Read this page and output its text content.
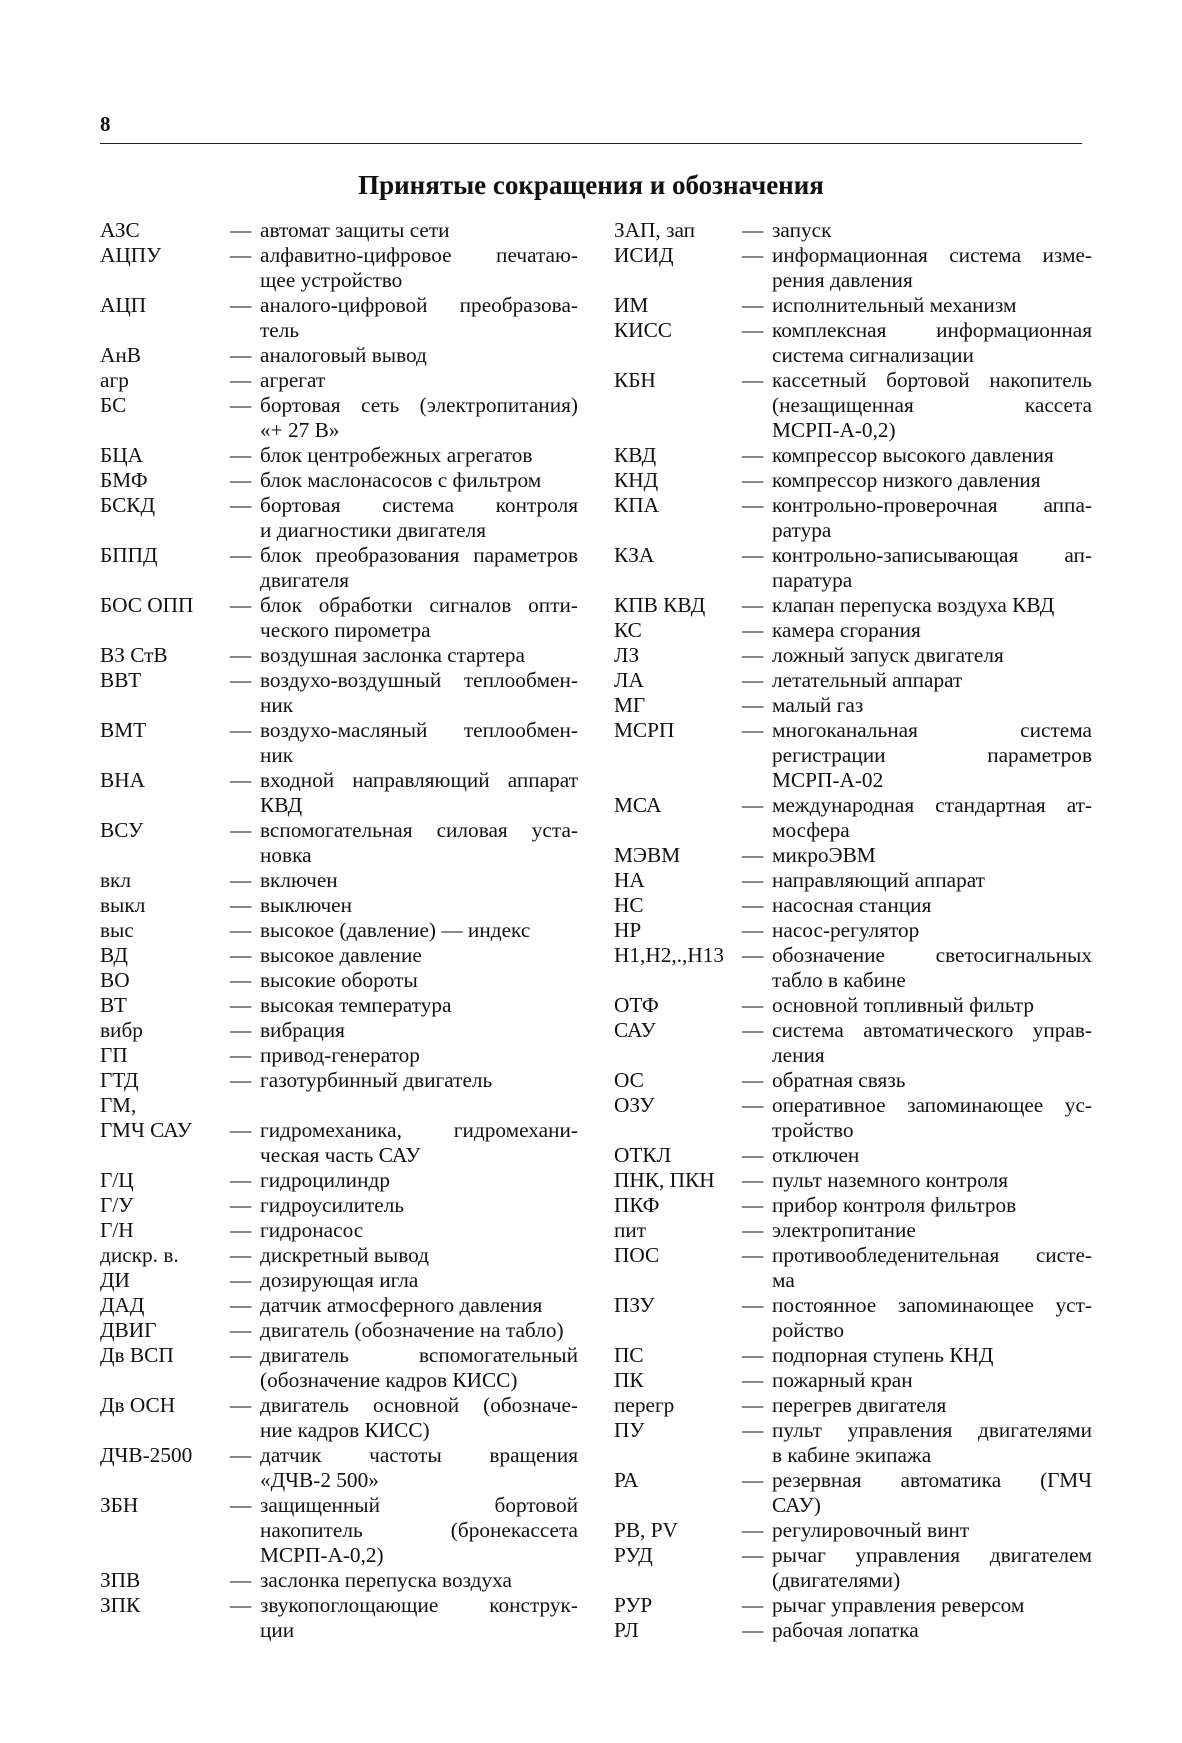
8
Принятые сокращения и обозначения
АЗС	— автомат защиты сети
АЦПУ	— алфавитно-цифровое печатаю-
щее устройство
АЦП	— аналого-цифровой преобразова-
тель
АнВ	— аналоговый вывод
агр	— агрегат
БС	— бортовая сеть (электропитания)
«+ 27 В»
БЦА	— блок центробежных агрегатов
БМФ	— блок маслонасосов с фильтром
БСКД	— бортовая система контроля
и диагностики двигателя
БППД	— блок преобразования параметров
двигателя
БОС ОПП	— блок обработки сигналов опти-
ческого пирометра
ВЗ СтВ	— воздушная заслонка стартера
ВВТ	— воздухо-воздушный теплообмен-
ник
ВМТ	— воздухо-масляный теплообмен-
ник
ВНА	— входной направляющий аппарат
КВД
ВСУ	— вспомогательная силовая уста-
новка
вкл	— включен
выкл	— выключен
выс	— высокое (давление) — индекс
ВД	— высокое давление
ВО	— высокие обороты
ВТ	— высокая температура
вибр	— вибрация
ГП	— привод-генератор
ГТД	— газотурбинный двигатель
ГМ,
ГМЧ САУ	— гидромеханика, гидромехани-
ческая часть САУ
Г/Ц	— гидроцилиндр
Г/У	— гидроусилитель
Г/Н	— гидронасос
дискр. в.	— дискретный вывод
ДИ	— дозирующая игла
ДАД	— датчик атмосферного давления
ДВИГ	— двигатель (обозначение на табло)
Дв ВСП	— двигатель вспомогательный
(обозначение кадров КИСС)
Дв ОСН	— двигатель основной (обозначе-
ние кадров КИСС)
ДЧВ-2500	— датчик частоты вращения
«ДЧВ-2 500»
ЗБН	— защищенный бортовой
накопитель (бронекассета
МСРП-А-0,2)
ЗПВ	— заслонка перепуска воздуха
ЗПК	— звукопоглощающие конструк-
ции
ЗАП, зап	— запуск
ИСИД	— информационная система изме-
рения давления
ИМ	— исполнительный механизм
КИСС	— комплексная информационная
система сигнализации
КБН	— кассетный бортовой накопитель
(незащищенная кассета
МСРП-А-0,2)
КВД	— компрессор высокого давления
КНД	— компрессор низкого давления
КПА	— контрольно-проверочная аппа-
ратура
КЗА	— контрольно-записывающая ап-
паратура
КПВ КВД	— клапан перепуска воздуха КВД
КС	— камера сгорания
ЛЗ	— ложный запуск двигателя
ЛА	— летательный аппарат
МГ	— малый газ
МСРП	— многоканальная система
регистрации параметров
МСРП-А-02
МСА	— международная стандартная ат-
мосфера
МЭВМ	— микроЭВМ
НА	— направляющий аппарат
НС	— насосная станция
НР	— насос-регулятор
Н1,Н2,.,Н13 — обозначение светосигнальных
табло в кабине
ОТФ	— основной топливный фильтр
САУ	— система автоматического управ-
ления
ОС	— обратная связь
ОЗУ	— оперативное запоминающее ус-
тройство
ОТКЛ	— отключен
ПНК, ПКН	— пульт наземного контроля
ПКФ	— прибор контроля фильтров
пит	— электропитание
ПОС	— противообледенительная систе-
ма
ПЗУ	— постоянное запоминающее уст-
ройство
ПС	— подпорная ступень КНД
ПК	— пожарный кран
перегр	— перегрев двигателя
ПУ	— пульт управления двигателями
в кабине экипажа
РА	— резервная автоматика (ГМЧ
САУ)
РВ, PV	— регулировочный винт
РУД	— рычаг управления двигателем
(двигателями)
РУР	— рычаг управления реверсом
РЛ	— рабочая лопатка
